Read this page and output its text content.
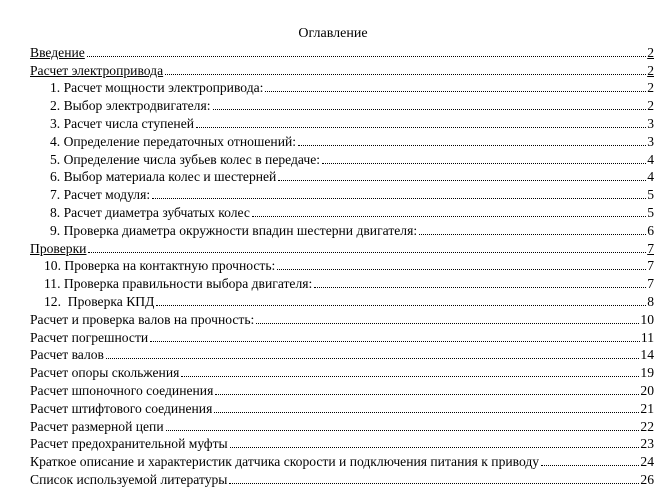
Оглавление
Введение	2
Расчет электропривода	2
1. Расчет мощности электропривода:	2
2. Выбор электродвигателя:	2
3. Расчет числа ступеней	3
4. Определение передаточных отношений:	3
5. Определение числа зубьев колес в передаче:	4
6. Выбор материала колес и шестерней	4
7. Расчет модуля:	5
8. Расчет диаметра зубчатых колес	5
9. Проверка диаметра окружности впадин шестерни двигателя:	6
Проверки	7
10. Проверка на контактную прочность:	7
11. Проверка правильности выбора двигателя:	7
12.  Проверка КПД	8
Расчет и проверка валов на прочность:	10
Расчет погрешности	11
Расчет валов	14
Расчет опоры скольжения	19
Расчет шпоночного соединения	20
Расчет штифтового соединения	21
Расчет размерной цепи	22
Расчет предохранительной муфты	23
Краткое описание и характеристик датчика скорости и подключения питания к приводу	24
Список используемой литературы	26
